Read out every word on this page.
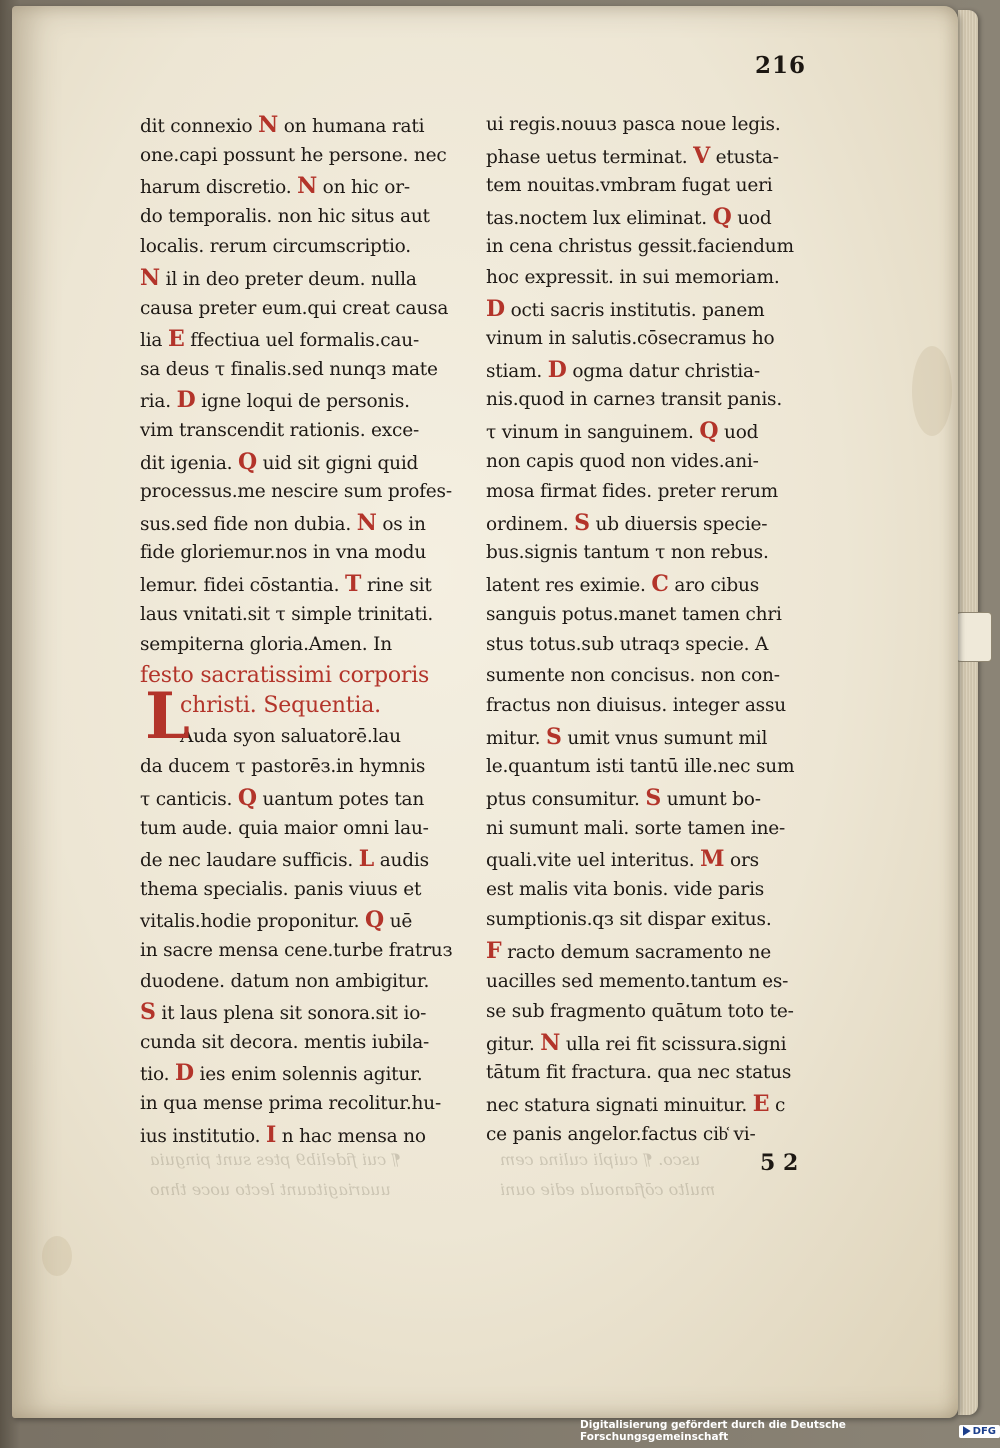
216
dit connexio N on humana rati
one.capi possunt he persone. nec
harum discretio. N on hic or-
do temporalis. non hic situs aut
localis. rerum circumscriptio.
N il in deo preter deum. nulla
causa preter eum.qui creat causa
lia E ffectiua uel formalis.cau-
sa deus τ finalis.sed nunqз mate
ria. D igne loqui de personis.
vim transcendit rationis. exce-
dit igenia. Q uid sit gigni quid
processus.me nescire sum profes-
sus.sed fide non dubia. N os in
fide gloriemur.nos in vna modu
lemur. fidei cōstantia. T rine sit
laus vnitati.sit τ simple trinitati.
sempiterna gloria.Amen. In
festo sacratissimi corporis
christi. Sequentia.
Auda syon saluatorē.lau
da ducem τ pastorēз.in hymnis
τ canticis. Q uantum potes tan
tum aude. quia maior omni lau-
de nec laudare sufficis. L audis
thema specialis. panis viuus et
vitalis.hodie proponitur. Q uē
in sacre mensa cene.turbe fratruз
duodene. datum non ambigitur.
S it laus plena sit sonora.sit io-
cunda sit decora. mentis iubila-
tio. D ies enim solennis agitur.
in qua mense prima recolitur.hu-
ius institutio. I n hac mensa no
L
ui regis.nouuз pasca noue legis.
phase uetus terminat. V etusta-
tem nouitas.vmbram fugat ueri
tas.noctem lux eliminat. Q uod
in cena christus gessit.faciendum
hoc expressit. in sui memoriam.
D octi sacris institutis. panem
vinum in salutis.cōsecramus ho
stiam. D ogma datur christia-
nis.quod in carneз transit panis.
τ vinum in sanguinem. Q uod
non capis quod non vides.ani-
mosa firmat fides. preter rerum
ordinem. S ub diuersis specie-
bus.signis tantum τ non rebus.
latent res eximie. C aro cibus
sanguis potus.manet tamen chri
stus totus.sub utraqз specie. A
sumente non concisus. non con-
fractus non diuisus. integer assu
mitur. S umit vnus sumunt mil
le.quantum isti tantū ille.nec sum
ptus consumitur. S umunt bo-
ni sumunt mali. sorte tamen ine-
quali.vite uel interitus. M ors
est malis vita bonis. vide paris
sumptionis.qз sit dispar exitus.
F racto demum sacramento ne
uacilles sed memento.tantum es-
se sub fragmento quātum toto te-
gitur. N ulla rei fit scissura.signi
tātum fit fractura. qua nec status
nec statura signati minuitur. E c
ce panis angelor.factus cib᷾ vi-
¶ cui fidelib9 ptes sunt pinguia
uuariagitaunt lecto uoce thno
usco. ¶ cuipli culina cem
multo cōfianoula edie ouni
5 2
Digitalisierung gefördert durch die Deutsche Forschungsgemeinschaft	DFG
